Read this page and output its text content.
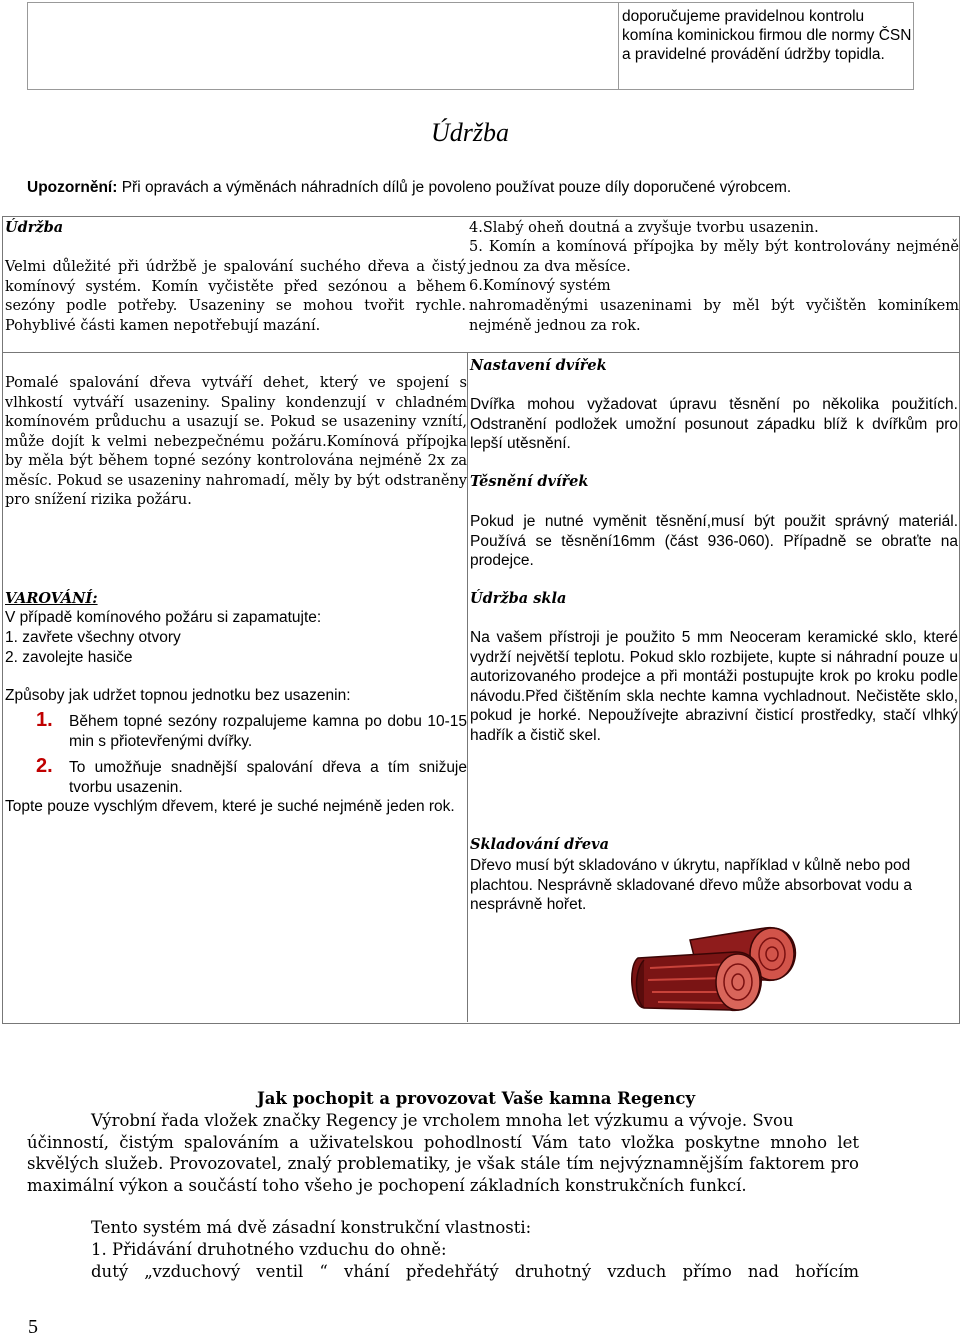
doporučujeme pravidelnou kontrolu komína kominickou firmou dle normy ČSN a pravidelné provádění údržby topidla.
Údržba
Upozornění: Při opravách a výměnách náhradních dílů je povoleno používat pouze díly doporučené výrobcem.
Údržba
Velmi důležité při údržbě je spalování suchého dřeva a čistý komínový systém. Komín vyčistěte před sezónou a během sezóny podle potřeby. Usazeniny se mohou tvořit rychle. Pohyblivé části kamen nepotřebují mazání.
4.Slabý oheň doutná a zvyšuje tvorbu usazenin.
5. Komín a komínová přípojka by měly být kontrolovány nejméně jednou za dva měsíce.
6.Komínový systém
nahromaděnými usazeninami by měl být vyčištěn kominíkem nejméně jednou za rok.
Pomalé spalování dřeva vytváří dehet, který ve spojení s vlhkostí vytváří usazeniny. Spaliny kondenzují v chladném komínovém průduchu a usazují se. Pokud se usazeniny vznítí, může dojít k velmi nebezpečnému požáru.Komínová přípojka by měla být během topné sezóny kontrolována nejméně 2x za měsíc. Pokud se usazeniny nahromadí, měly by být odstraněny pro snížení rizika požáru.
VAROVÁNÍ:
V případě komínového požáru si zapamatujte:
1. zavřete všechny otvory
2. zavolejte hasiče
Způsoby jak udržet topnou jednotku bez usazenin:
1. Během topné sezóny rozpalujeme kamna po dobu 10-15 min s přiotevřenými dvířky.
2. To umožňuje snadnější spalování dřeva a tím snižuje tvorbu usazenin.
Topte pouze vyschlým dřevem, které je suché nejméně jeden rok.
Nastavení dvířek
Dvířka mohou vyžadovat úpravu těsnění po několika použitích. Odstranění podložek umožní posunout západku blíž k dvířkům pro lepší utěsnění.
Těsnění dvířek
Pokud je nutné vyměnit těsnění,musí být použit správný materiál. Používá se těsnění16mm (část 936-060). Případně se obraťte na prodejce.
Údržba skla
Na vašem přístroji je použito 5 mm Neoceram keramické sklo, které vydrží největší teplotu. Pokud sklo rozbijete, kupte si náhradní pouze u autorizovaného prodejce a při montáži postupujte krok po kroku podle návodu.Před čištěním skla nechte kamna vychladnout. Nečistěte sklo, pokud je horké. Nepoužívejte abrazivní čisticí prostředky, stačí vlhký hadřík a čistič skel.
Skladování dřeva
Dřevo musí být skladováno v úkrytu, například v kůlně nebo pod plachtou. Nesprávně skladované dřevo může absorbovat vodu a nesprávně hořet.
Jak pochopit a provozovat Vaše kamna Regency
Výrobní řada vložek značky Regency je vrcholem mnoha let výzkumu a vývoje. Svou
účinností, čistým spalováním a uživatelskou pohodlností Vám tato vložka poskytne mnoho let skvělých služeb. Provozovatel, znalý problematiky, je však stále tím nejvýznamnějším faktorem pro maximální výkon a součástí toho všeho je pochopení základních konstrukčních funkcí.
Tento systém má dvě zásadní konstrukční vlastnosti:
1. Přidávání druhotného vzduchu do ohně:
dutý „vzduchový ventil “ vhání předehřátý druhotný vzduch přímo nad hořícím
5
